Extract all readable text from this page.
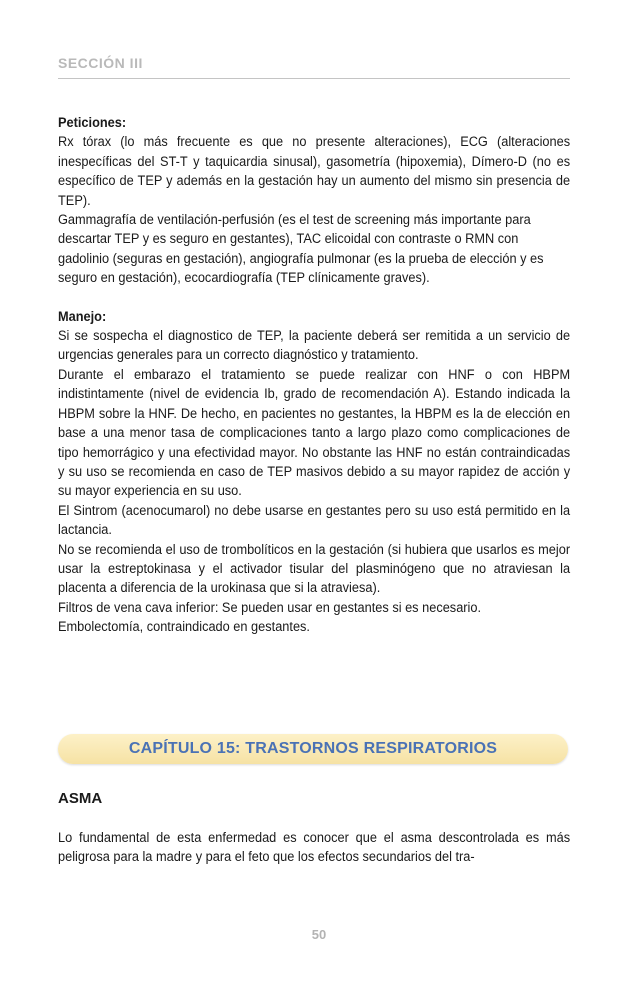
SECCIÓN III

Peticiones:

Rx tórax (lo más frecuente es que no presente alteraciones), ECG (alteraciones inespecíficas del ST-T y taquicardia sinusal), gasometría (hipoxemia), Dímero-D (no es específico de TEP y además en la gestación hay un aumento del mismo sin presencia de TEP).

Gammagrafía de ventilación-perfusión (es el test de screening más importante para descartar TEP y es seguro en gestantes), TAC elicoidal con contraste o RMN con gadolinio (seguras en gestación), angiografía pulmonar (es la prueba de elección y es seguro en gestación), ecocardiografía (TEP clínicamente graves).

Manejo:

Si se sospecha el diagnostico de TEP, la paciente deberá ser remitida a un servicio de urgencias generales para un correcto diagnóstico y tratamiento.

Durante el embarazo el tratamiento se puede realizar con HNF o con HBPM indistintamente (nivel de evidencia Ib, grado de recomendación A). Estando indicada la HBPM sobre la HNF. De hecho, en pacientes no gestantes, la HBPM es la de elección en base a una menor tasa de complicaciones tanto a largo plazo como complicaciones de tipo hemorrágico y una efectividad mayor. No obstante las HNF no están contraindicadas y su uso se recomienda en caso de TEP masivos debido a su mayor rapidez de acción y su mayor experiencia en su uso.

El Sintrom (acenocumarol) no debe usarse en gestantes pero su uso está permitido en la lactancia.

No se recomienda el uso de trombolíticos en la gestación (si hubiera que usarlos es mejor usar la estreptokinasa y el activador tisular del plasminógeno que no atraviesan la placenta a diferencia de la urokinasa que si la atraviesa).

Filtros de vena cava inferior: Se pueden usar en gestantes si es necesario.

Embolectomía, contraindicado en gestantes.

CAPÍTULO 15: TRASTORNOS RESPIRATORIOS
ASMA

Lo fundamental de esta enfermedad es conocer que el asma descontrolada es más peligrosa para la madre y para el feto que los efectos secundarios del tra-

50
